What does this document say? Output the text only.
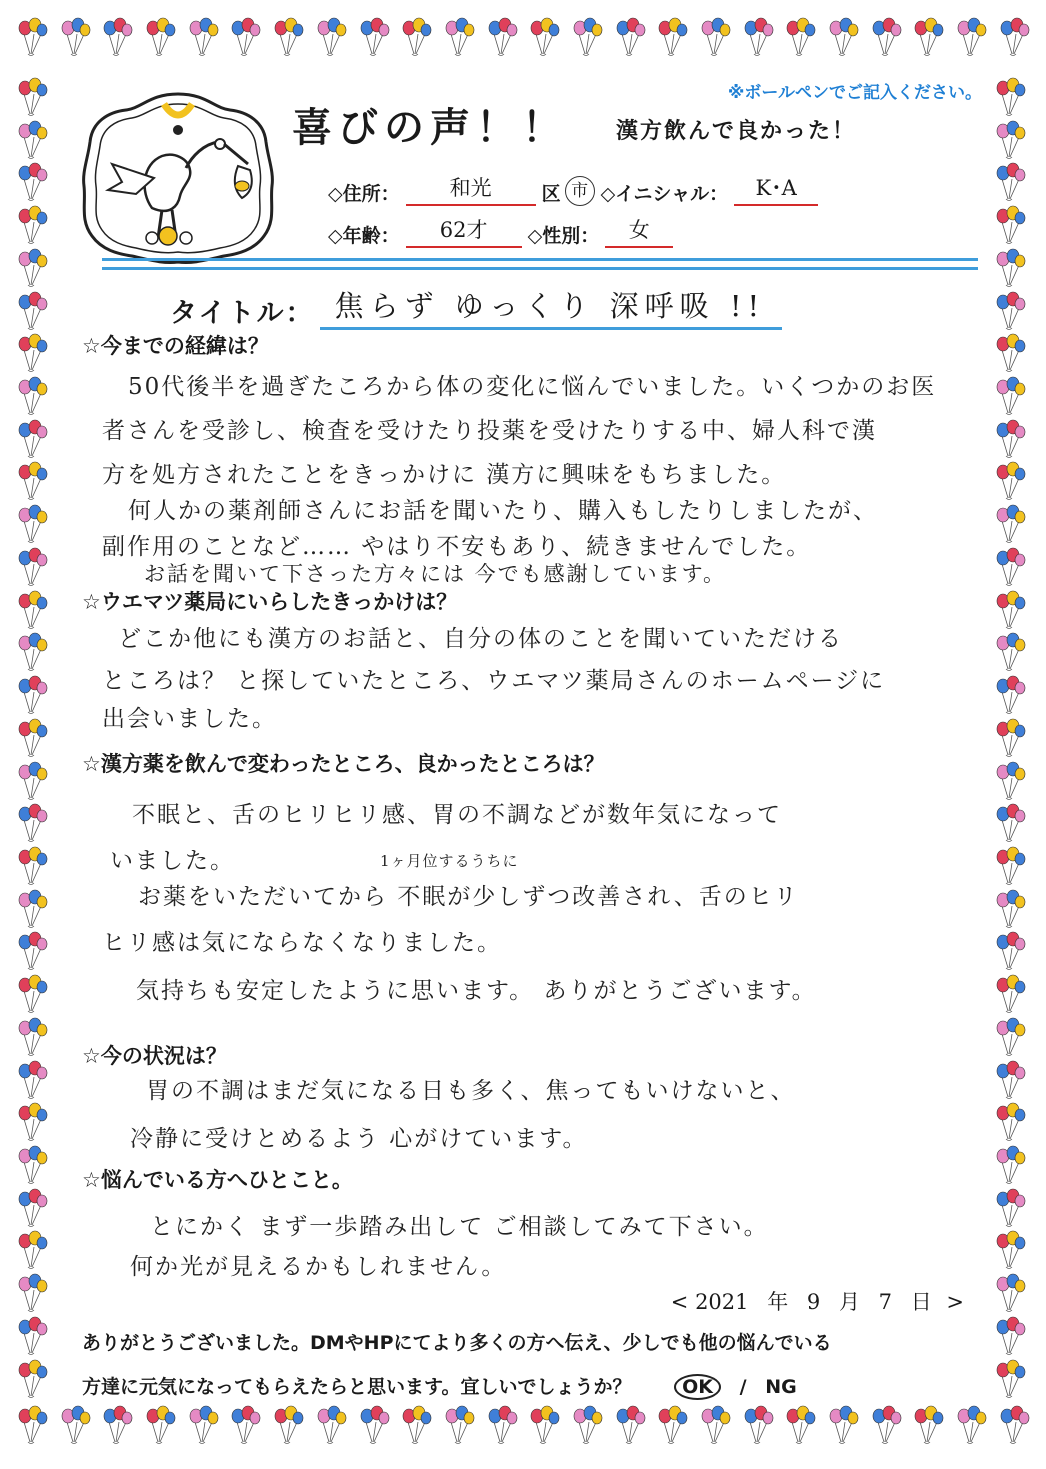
※ボールペンでご記入ください。
喜びの声！！ 漢方飲んで良かった！
◇住所：	和光	区 市 ◇イニシャル：	K･A
◇年齢：	62才	◇性別：	女
タイトル： 焦らず ゆっくり 深呼吸 !!
☆今までの経緯は？
50代後半を過ぎたころから体の変化に悩んでいました。いくつかのお医
者さんを受診し、検査を受けたり投薬を受けたりする中、婦人科で漢
方を処方されたことをきっかけに 漢方に興味をもちました。
何人かの薬剤師さんにお話を聞いたり、購入もしたりしましたが、
副作用のことなど…… やはり不安もあり、続きませんでした。
お話を聞いて下さった方々には 今でも感謝しています。
☆ウエマツ薬局にいらしたきっかけは？
どこか他にも漢方のお話と、自分の体のことを聞いていただける
ところは？ と探していたところ、ウエマツ薬局さんのホームページに
出会いました。
☆漢方薬を飲んで変わったところ、良かったところは？
不眠と、舌のヒリヒリ感、胃の不調などが数年気になって
いました。	1ヶ月位するうちに
お薬をいただいてから 不眠が少しずつ改善され、舌のヒリ
ヒリ感は気にならなくなりました。
気持ちも安定したように思います。 ありがとうございます。
☆今の状況は？
胃の不調はまだ気になる日も多く、焦ってもいけないと、
冷静に受けとめるよう 心がけています。
☆悩んでいる方へひとこと。
とにかく まず一歩踏み出して ご相談してみて下さい。
何か光が見えるかもしれません。
< 2021 年 9 月 7 日 >
ありがとうございました。DMやHPにてより多くの方へ伝え、少しでも他の悩んでいる
方達に元気になってもらえたらと思います。宜しいでしょうか？	OK / NG
